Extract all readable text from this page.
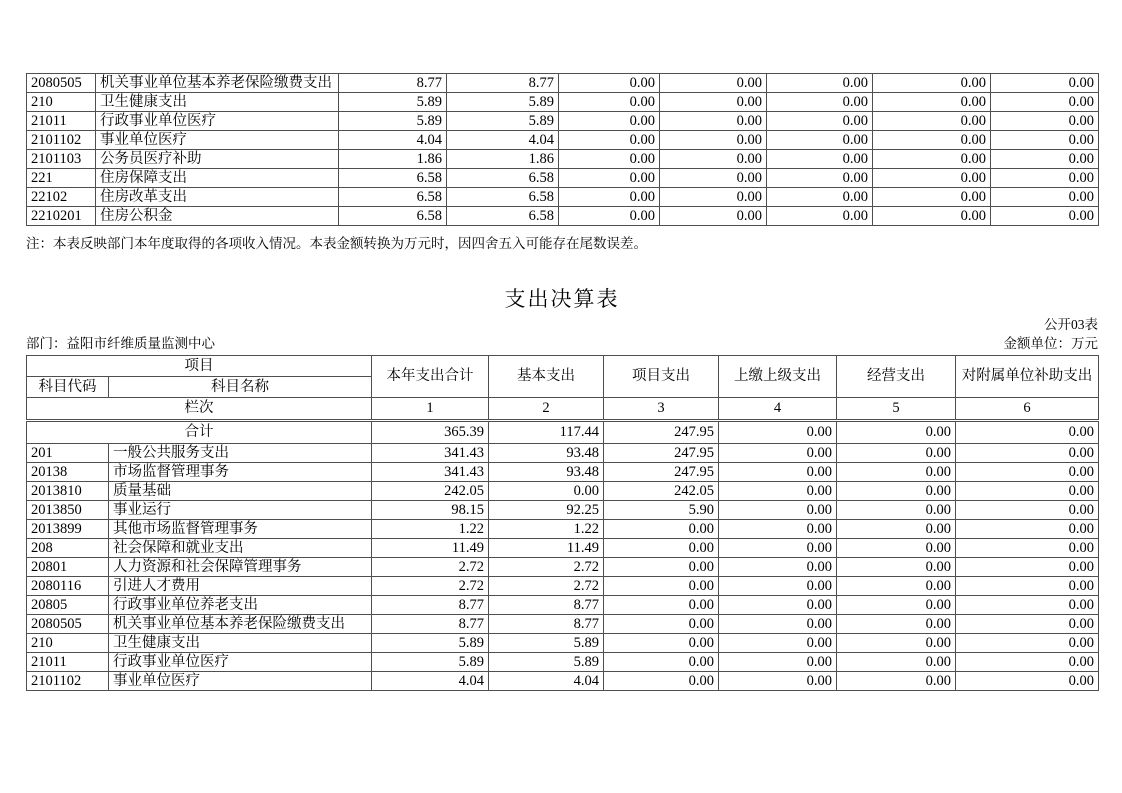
2080505	机关事业单位基本养老保险缴费支出	8.77	8.77	0.00	0.00	0.00	0.00	0.00
210	卫生健康支出	5.89	5.89	0.00	0.00	0.00	0.00	0.00
21011	行政事业单位医疗	5.89	5.89	0.00	0.00	0.00	0.00	0.00
2101102	事业单位医疗	4.04	4.04	0.00	0.00	0.00	0.00	0.00
2101103	公务员医疗补助	1.86	1.86	0.00	0.00	0.00	0.00	0.00
221	住房保障支出	6.58	6.58	0.00	0.00	0.00	0.00	0.00
22102	住房改革支出	6.58	6.58	0.00	0.00	0.00	0.00	0.00
2210201	住房公积金	6.58	6.58	0.00	0.00	0.00	0.00	0.00

注：本表反映部门本年度取得的各项收入情况。本表金额转换为万元时，因四舍五入可能存在尾数误差。

支出决算表
公开03表
部门：益阳市纤维质量监测中心	金额单位：万元
项目		本年支出合计	基本支出	项目支出	上缴上级支出	经营支出	对附属单位补助支出
科目代码	科目名称						
栏次		1	2	3	4	5	6
合计		365.39	117.44	247.95	0.00	0.00	0.00
201	一般公共服务支出	341.43	93.48	247.95	0.00	0.00	0.00
20138	市场监督管理事务	341.43	93.48	247.95	0.00	0.00	0.00
2013810	质量基础	242.05	0.00	242.05	0.00	0.00	0.00
2013850	事业运行	98.15	92.25	5.90	0.00	0.00	0.00
2013899	其他市场监督管理事务	1.22	1.22	0.00	0.00	0.00	0.00
208	社会保障和就业支出	11.49	11.49	0.00	0.00	0.00	0.00
20801	人力资源和社会保障管理事务	2.72	2.72	0.00	0.00	0.00	0.00
2080116	引进人才费用	2.72	2.72	0.00	0.00	0.00	0.00
20805	行政事业单位养老支出	8.77	8.77	0.00	0.00	0.00	0.00
2080505	机关事业单位基本养老保险缴费支出	8.77	8.77	0.00	0.00	0.00	0.00
210	卫生健康支出	5.89	5.89	0.00	0.00	0.00	0.00
21011	行政事业单位医疗	5.89	5.89	0.00	0.00	0.00	0.00
2101102	事业单位医疗	4.04	4.04	0.00	0.00	0.00	0.00
